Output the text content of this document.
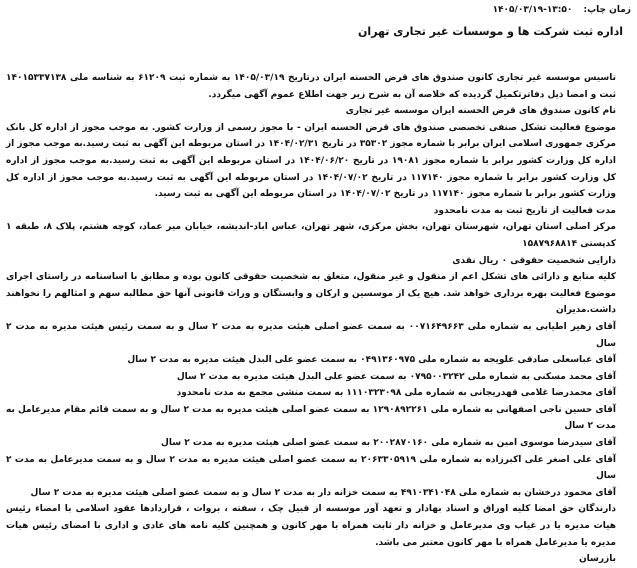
زمان چاپ: ۱۴۰۵/۰۳/۱۹-۱۳:۵۰
اداره ثبت شرکت ها و موسسات غیر تجاری تهران

تاسیس موسسه غیر تجاری کانون صندوق های قرض الحسنه ایران درتاریخ ۱۴۰۵/۰۳/۱۹ به شماره ثبت ۶۱۲۰۹ به شناسه ملی ۱۴۰۱۵۳۳۷۱۳۸ ثبت و امضا ذیل دفاترتکمیل گردیده که خلاصه آن به شرح زیر جهت اطلاع عموم آگهی میگردد.

نام کانون صندوق های قرض الحسنه ایران موسسه غیر تجاری

موضوع فعالیت تشکل صنفی تخصصی صندوق های قرض الحسنه ایران - با مجوز رسمی از وزارت کشور. به موجب مجوز از اداره کل بانک مرکزی جمهوری اسلامی ایران برابر با شماره مجوز ۳۵۳۰۲ در تاریخ ۱۴۰۴/۰۲/۳۱ در استان مربوطه این آگهی به ثبت رسید.به موجب مجوز از اداره کل وزارت کشور برابر با شماره مجوز ۱۹۰۸۱ در تاریخ ۱۴۰۴/۰۶/۲۰ در استان مربوطه این آگهی به ثبت رسید.به موجب مجوز از اداره کل وزارت کشور برابر با شماره مجوز ۱۱۷۱۴۰ در تاریخ ۱۴۰۴/۰۷/۰۲ در استان مربوطه این آگهی به ثبت رسید.به موجب مجوز از اداره کل وزارت کشور برابر با شماره مجوز ۱۱۷۱۴۰ در تاریخ ۱۴۰۴/۰۷/۰۲ در استان مربوطه این آگهی به ثبت رسید.

مدت فعالیت از تاریخ ثبت به مدت نامحدود

مرکز اصلی استان تهران، شهرستان تهران، بخش مرکزی، شهر تهران، عباس اباد-اندیشه، خیابان میر عماد، کوچه هشتم، پلاک ۸، طبقه ۱ کدپستی ۱۵۸۷۹۶۸۸۱۴

دارایی شخصیت حقوقی ۰ ریال نقدی

کلیه منابع و دارائی های تشکل اعم از منقول و غیر منقول، متعلق به شخصیت حقوقی کانون بوده و مطابق با اساسنامه در راستای اجرای موضوع فعالیت بهره برداری خواهد شد. هیچ یک از موسسین و ارکان و وابستگان و وراث قانونی آنها حق مطالبه سهم و امثالهم را نخواهند داشت.مدیران

آقای زهیر اطیابی به شماره ملی ۰۰۷۱۶۴۹۶۶۳ به سمت عضو اصلی هیئت مدیره به مدت ۲ سال و به سمت رئیس هیئت مدیره به مدت ۲ سال

آقای عباسعلی صادقی علویجه به شماره ملی ۰۴۹۱۳۶۰۹۷۵ به سمت عضو علی البدل هیئت مدیره به مدت ۲ سال

آقای محمد مسکنی به شماره ملی ۰۷۹۵۰۰۳۲۴۲ به سمت عضو علی البدل هیئت مدیره به مدت ۲ سال

آقای محمدرضا غلامی قهدریجانی به شماره ملی ۱۱۱۰۳۲۳۰۹۸ به سمت منشی مجمع به مدت نامحدود

آقای حسین ناجی اصفهانی به شماره ملی ۱۲۹۰۸۹۲۲۶۱ به سمت عضو اصلی هیئت مدیره به مدت ۲ سال و به سمت قائم مقام مدیرعامل به مدت ۲ سال

آقای سیدرضا موسوی امین به شماره ملی ۲۰۰۲۸۷۰۱۶۰ به سمت عضو اصلی هیئت مدیره به مدت ۲ سال

آقای علی اصغر علی اکبرزاده به شماره ملی ۲۰۶۳۳۰۵۹۱۹ به سمت عضو اصلی هیئت مدیره به مدت ۲ سال و به سمت مدیرعامل به مدت ۲ سال

آقای محمود درخشان به شماره ملی ۴۹۱۰۳۴۱۰۴۸ به سمت خزانه دار به مدت ۲ سال و به سمت عضو اصلی هیئت مدیره به مدت ۲ سال

دارندگان حق امضا کلیه اوراق و اسناد بهادار و تعهد آور موسسه از قبیل چک ، سفته ، بروات ، قراردادها عقود اسلامی با امضاء رئیس هیات مدیره یا در غیاب وی مدیرعامل و خزانه دار ثابت همراه با مهر کانون و همچنین کلیه نامه های عادی و اداری با امضای رئیس هیات مدیره یا مدیرعامل همراه با مهر کانون معتبر می باشد.

بازرسان
